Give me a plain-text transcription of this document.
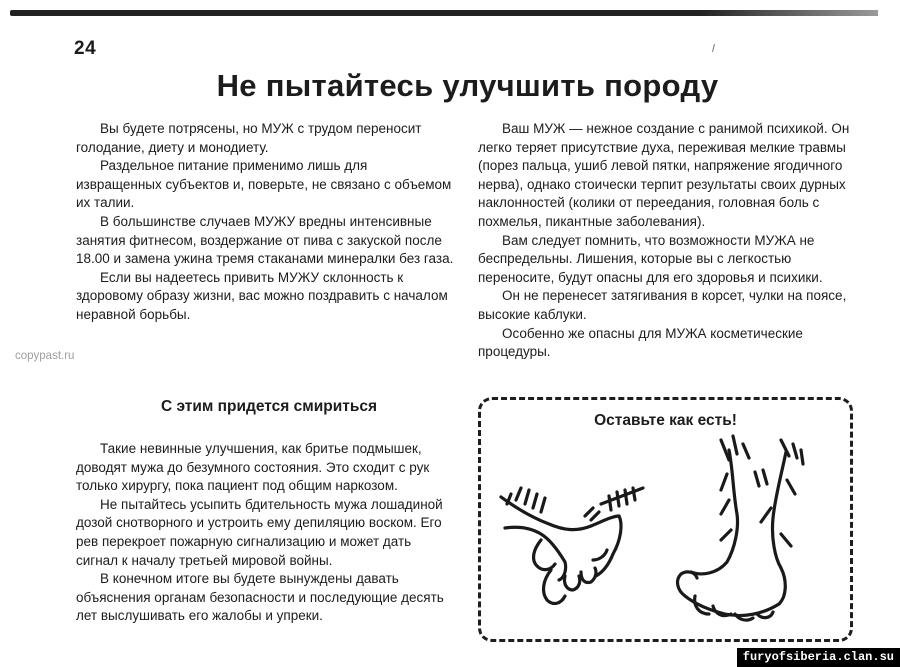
24
Не пытайтесь улучшить породу

Вы будете потрясены, но МУЖ с трудом переносит голодание, диету и монодиету.

Раздельное питание применимо лишь для извращенных субъектов и, поверьте, не связано с объемом их талии.

В большинстве случаев МУЖУ вредны интенсивные занятия фитнесом, воздержание от пива с закуской после 18.00 и замена ужина тремя стаканами минералки без газа.

Если вы надеетесь привить МУЖУ склонность к здоровому образу жизни, вас можно поздравить с началом неравной борьбы.

Ваш МУЖ — нежное создание с ранимой психикой. Он легко теряет присутствие духа, переживая мелкие травмы (порез пальца, ушиб левой пятки, напряжение ягодичного нерва), однако стоически терпит результаты своих дурных наклонностей (колики от переедания, головная боль с похмелья, пикантные заболевания).

Вам следует помнить, что возможности МУЖА не беспредельны. Лишения, которые вы с легкостью переносите, будут опасны для его здоровья и психики.

Он не перенесет затягивания в корсет, чулки на поясе, высокие каблуки.

Особенно же опасны для МУЖА косметические процедуры.

copypast.ru
С этим придется смириться

Такие невинные улучшения, как бритье подмышек, доводят мужа до безумного состояния. Это сходит с рук только хирургу, пока пациент под общим наркозом.

Не пытайтесь усыпить бдительность мужа лошадиной дозой снотворного и устроить ему депиляцию воском. Его рев перекроет пожарную сигнализацию и может дать сигнал к началу третьей мировой войны.

В конечном итоге вы будете вынуждены давать объяснения органам безопасности и последующие десять лет выслушивать его жалобы и упреки.

Оставьте как есть!
furyofsiberia.clan.su
